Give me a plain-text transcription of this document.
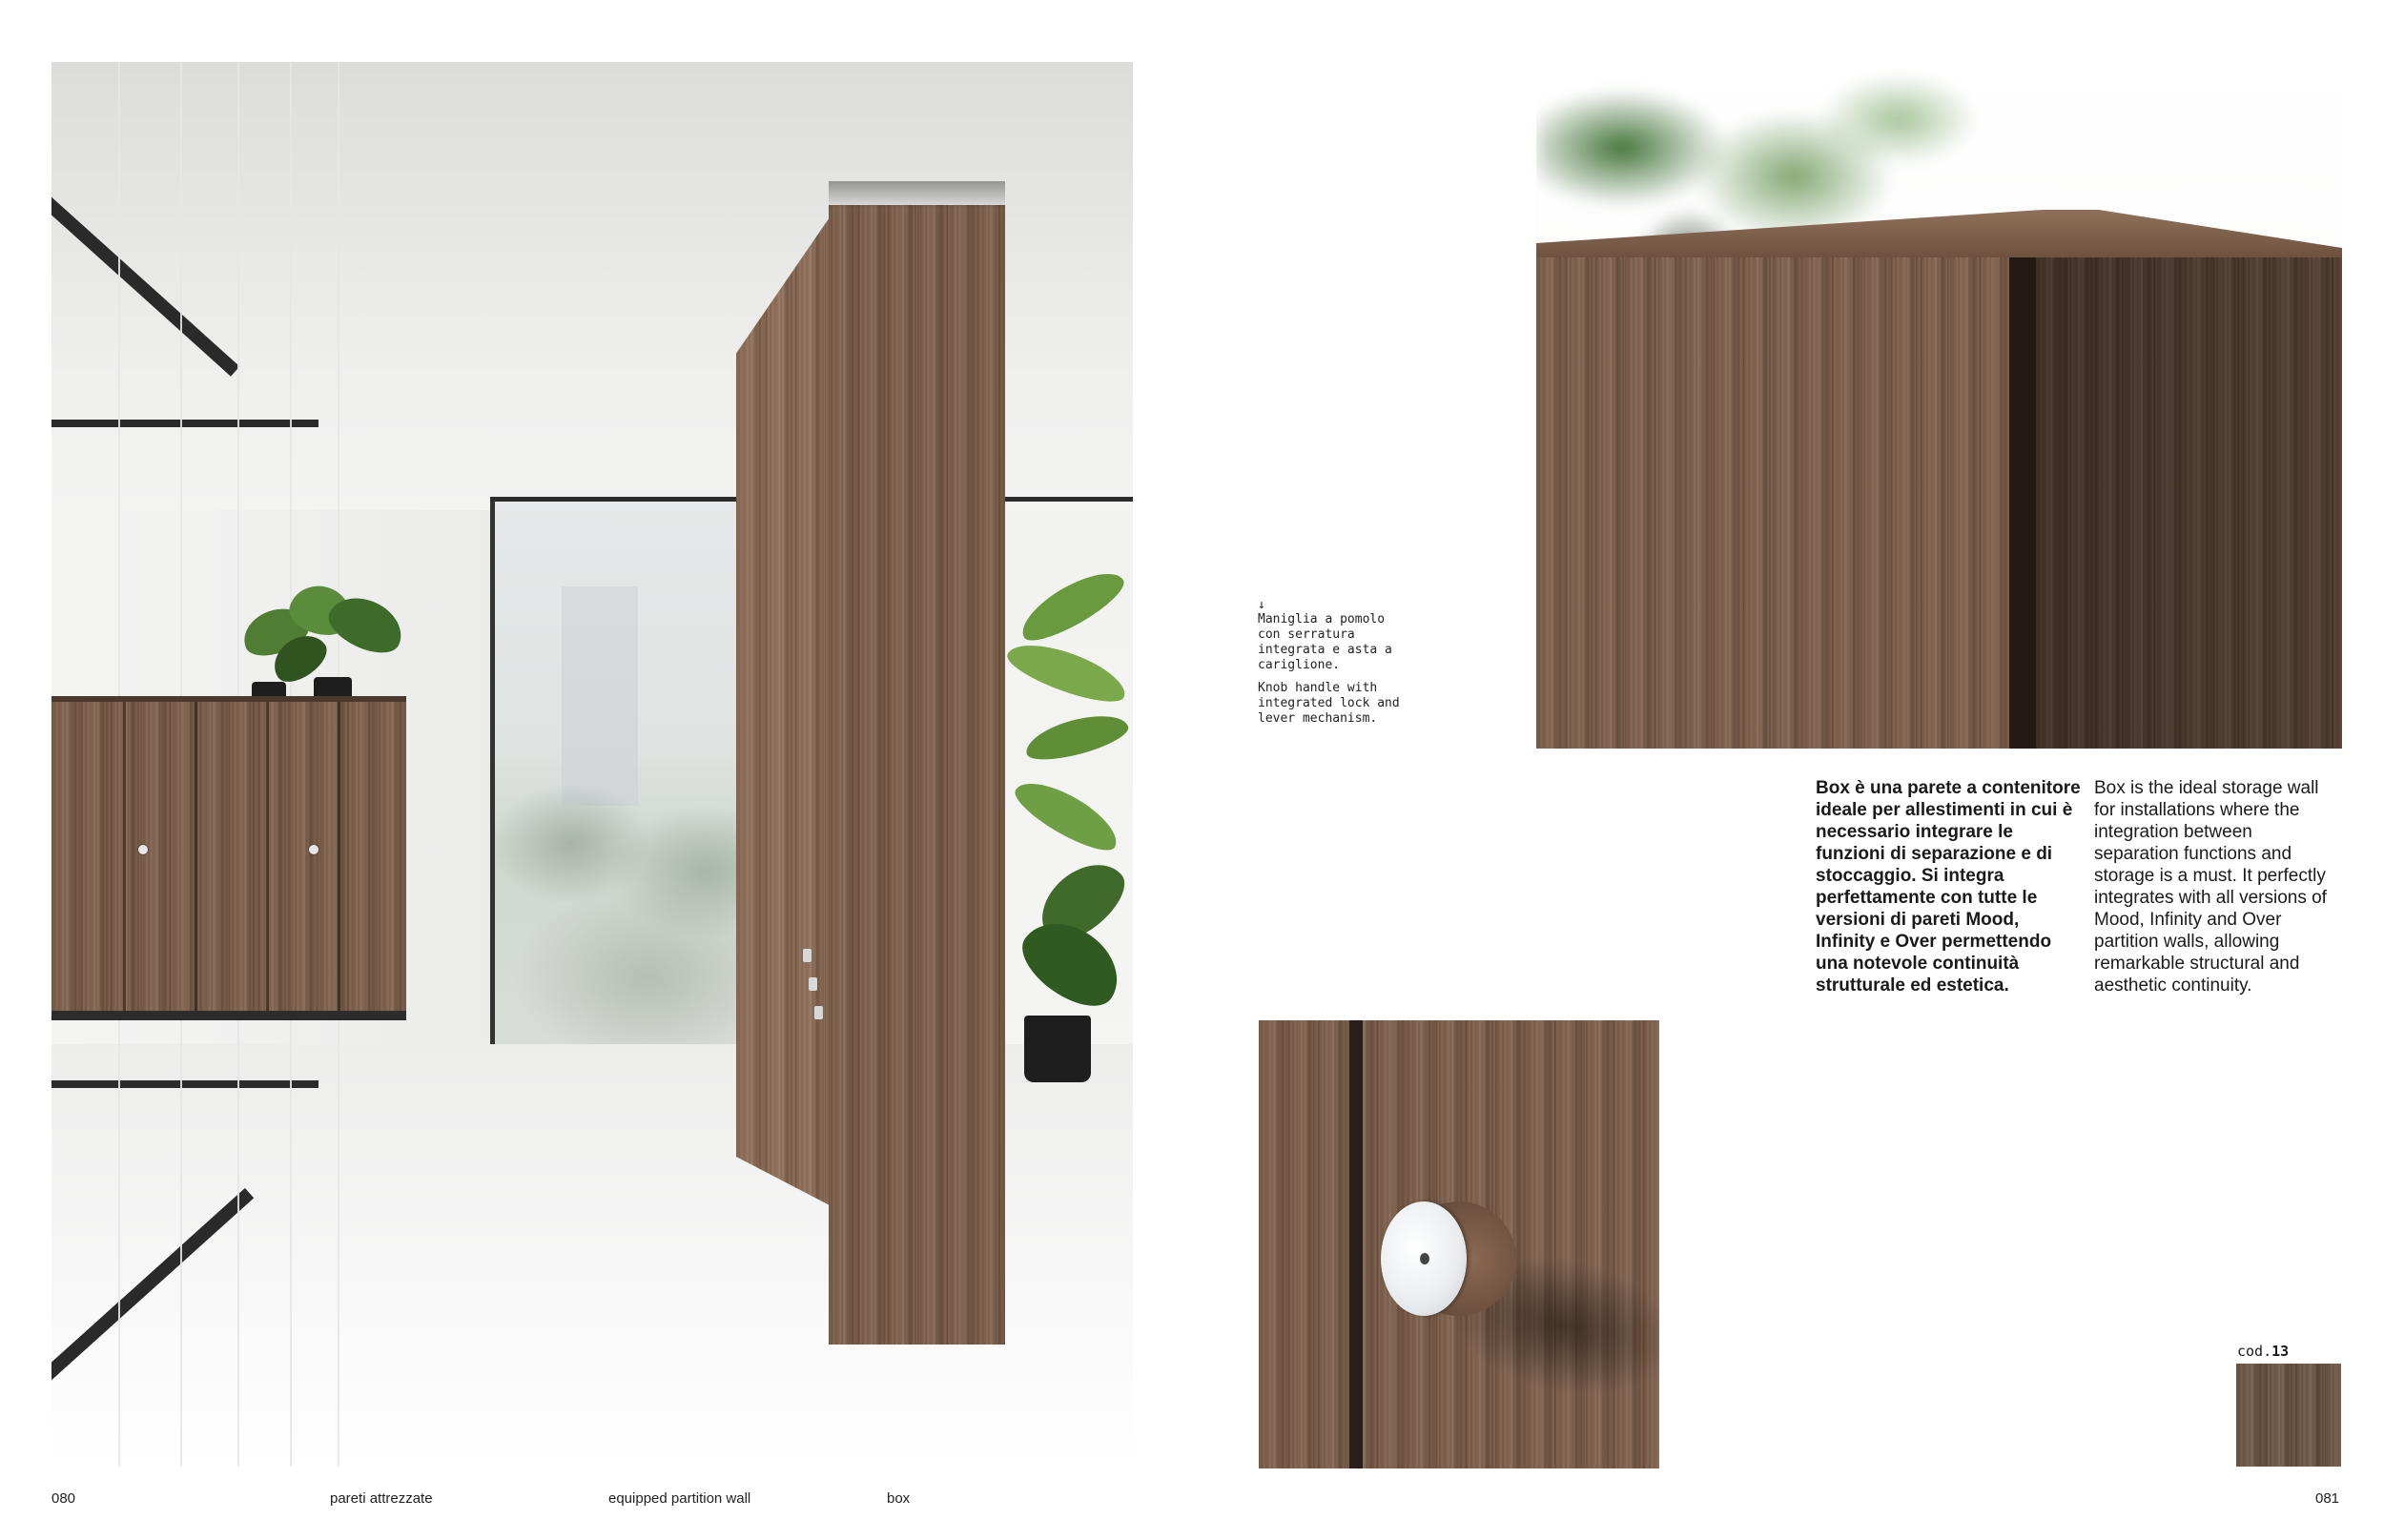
↓

Maniglia a pomolo con serratura integrata e asta a cariglione.

Knob handle with integrated lock and lever mechanism.

Box è una parete a contenitore ideale per allestimenti in cui è necessario integrare le funzioni di separazione e di stoccaggio. Si integra perfettamente con tutte le versioni di pareti Mood, Infinity e Over permettendo una notevole continuità strutturale ed estetica.

Box is the ideal storage wall for installations where the integration between separation functions and storage is a must. It perfectly integrates with all versions of Mood, Infinity and Over partition walls, allowing remarkable structural and aesthetic continuity.

cod.13
080	pareti attrezzate	equipped partition wall	box	081
